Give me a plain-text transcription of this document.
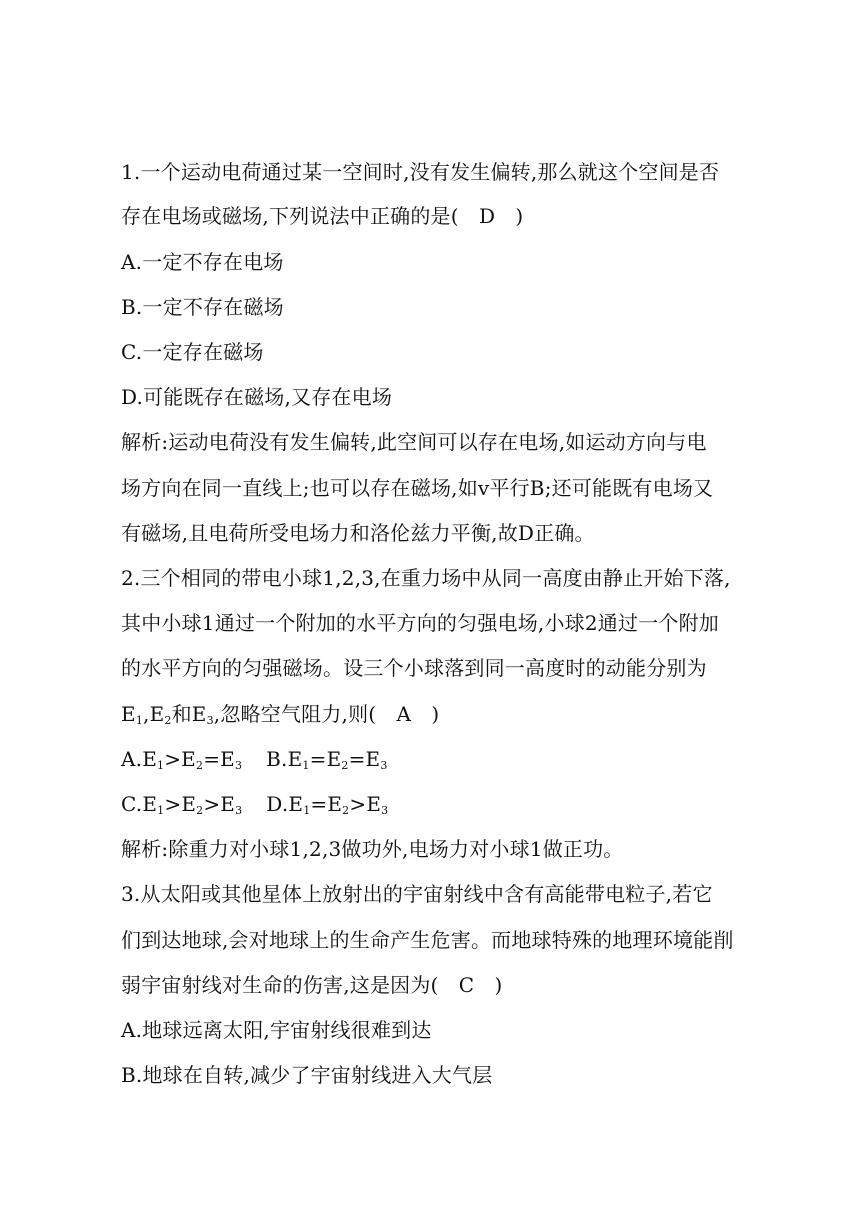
1.一个运动电荷通过某一空间时,没有发生偏转,那么就这个空间是否
存在电场或磁场,下列说法中正确的是(　D　)
A.一定不存在电场
B.一定不存在磁场
C.一定存在磁场
D.可能既存在磁场,又存在电场
解析:运动电荷没有发生偏转,此空间可以存在电场,如运动方向与电
场方向在同一直线上;也可以存在磁场,如v平行B;还可能既有电场又
有磁场,且电荷所受电场力和洛伦兹力平衡,故D正确。
2.三个相同的带电小球1,2,3,在重力场中从同一高度由静止开始下落,
其中小球1通过一个附加的水平方向的匀强电场,小球2通过一个附加
的水平方向的匀强磁场。设三个小球落到同一高度时的动能分别为
$E_1,E_2$和$E_3$,忽略空气阻力,则(　A　)
$A.E_1>E_2=E_3$ $B.E_1=E_2=E_3$
$C.E_1>E_2>E_3$ $D.E_1=E_2>E_3$
解析:除重力对小球1,2,3做功外,电场力对小球1做正功。
3.从太阳或其他星体上放射出的宇宙射线中含有高能带电粒子,若它
们到达地球,会对地球上的生命产生危害。而地球特殊的地理环境能削
弱宇宙射线对生命的伤害,这是因为(　C　)
A.地球远离太阳,宇宙射线很难到达
B.地球在自转,减少了宇宙射线进入大气层
